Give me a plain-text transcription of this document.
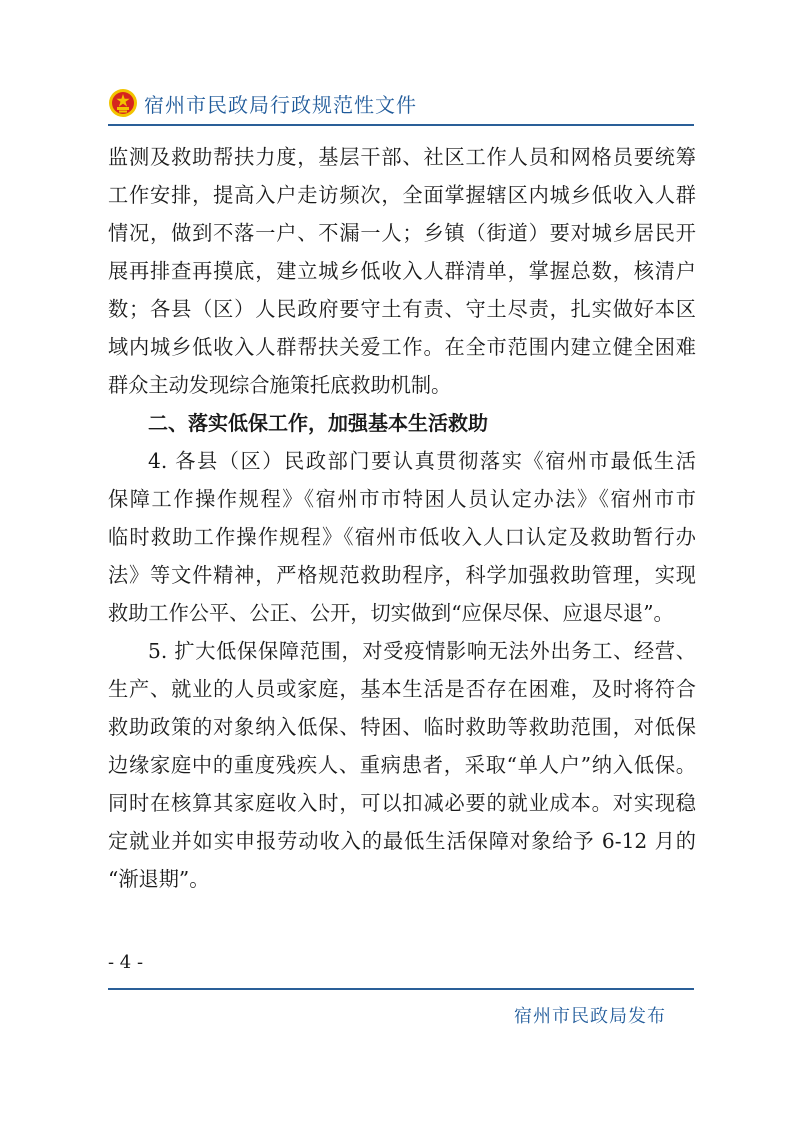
宿州市民政局行政规范性文件
监测及救助帮扶力度，基层干部、社区工作人员和网格员要统筹
工作安排，提高入户走访频次，全面掌握辖区内城乡低收入人群
情况，做到不落一户、不漏一人；乡镇（街道）要对城乡居民开
展再排查再摸底，建立城乡低收入人群清单，掌握总数，核清户
数；各县（区）人民政府要守土有责、守土尽责，扎实做好本区
域内城乡低收入人群帮扶关爱工作。在全市范围内建立健全困难
群众主动发现综合施策托底救助机制。
二、落实低保工作，加强基本生活救助
4. 各县（区）民政部门要认真贯彻落实《宿州市最低生活
保障工作操作规程》《宿州市市特困人员认定办法》《宿州市市
临时救助工作操作规程》《宿州市低收入人口认定及救助暂行办
法》等文件精神，严格规范救助程序，科学加强救助管理，实现
救助工作公平、公正、公开，切实做到“应保尽保、应退尽退”。
5. 扩大低保保障范围，对受疫情影响无法外出务工、经营、
生产、就业的人员或家庭，基本生活是否存在困难，及时将符合
救助政策的对象纳入低保、特困、临时救助等救助范围，对低保
边缘家庭中的重度残疾人、重病患者，采取“单人户”纳入低保。
同时在核算其家庭收入时，可以扣减必要的就业成本。对实现稳
定就业并如实申报劳动收入的最低生活保障对象给予 6-12 月的
“渐退期”。
- 4 -
宿州市民政局发布
